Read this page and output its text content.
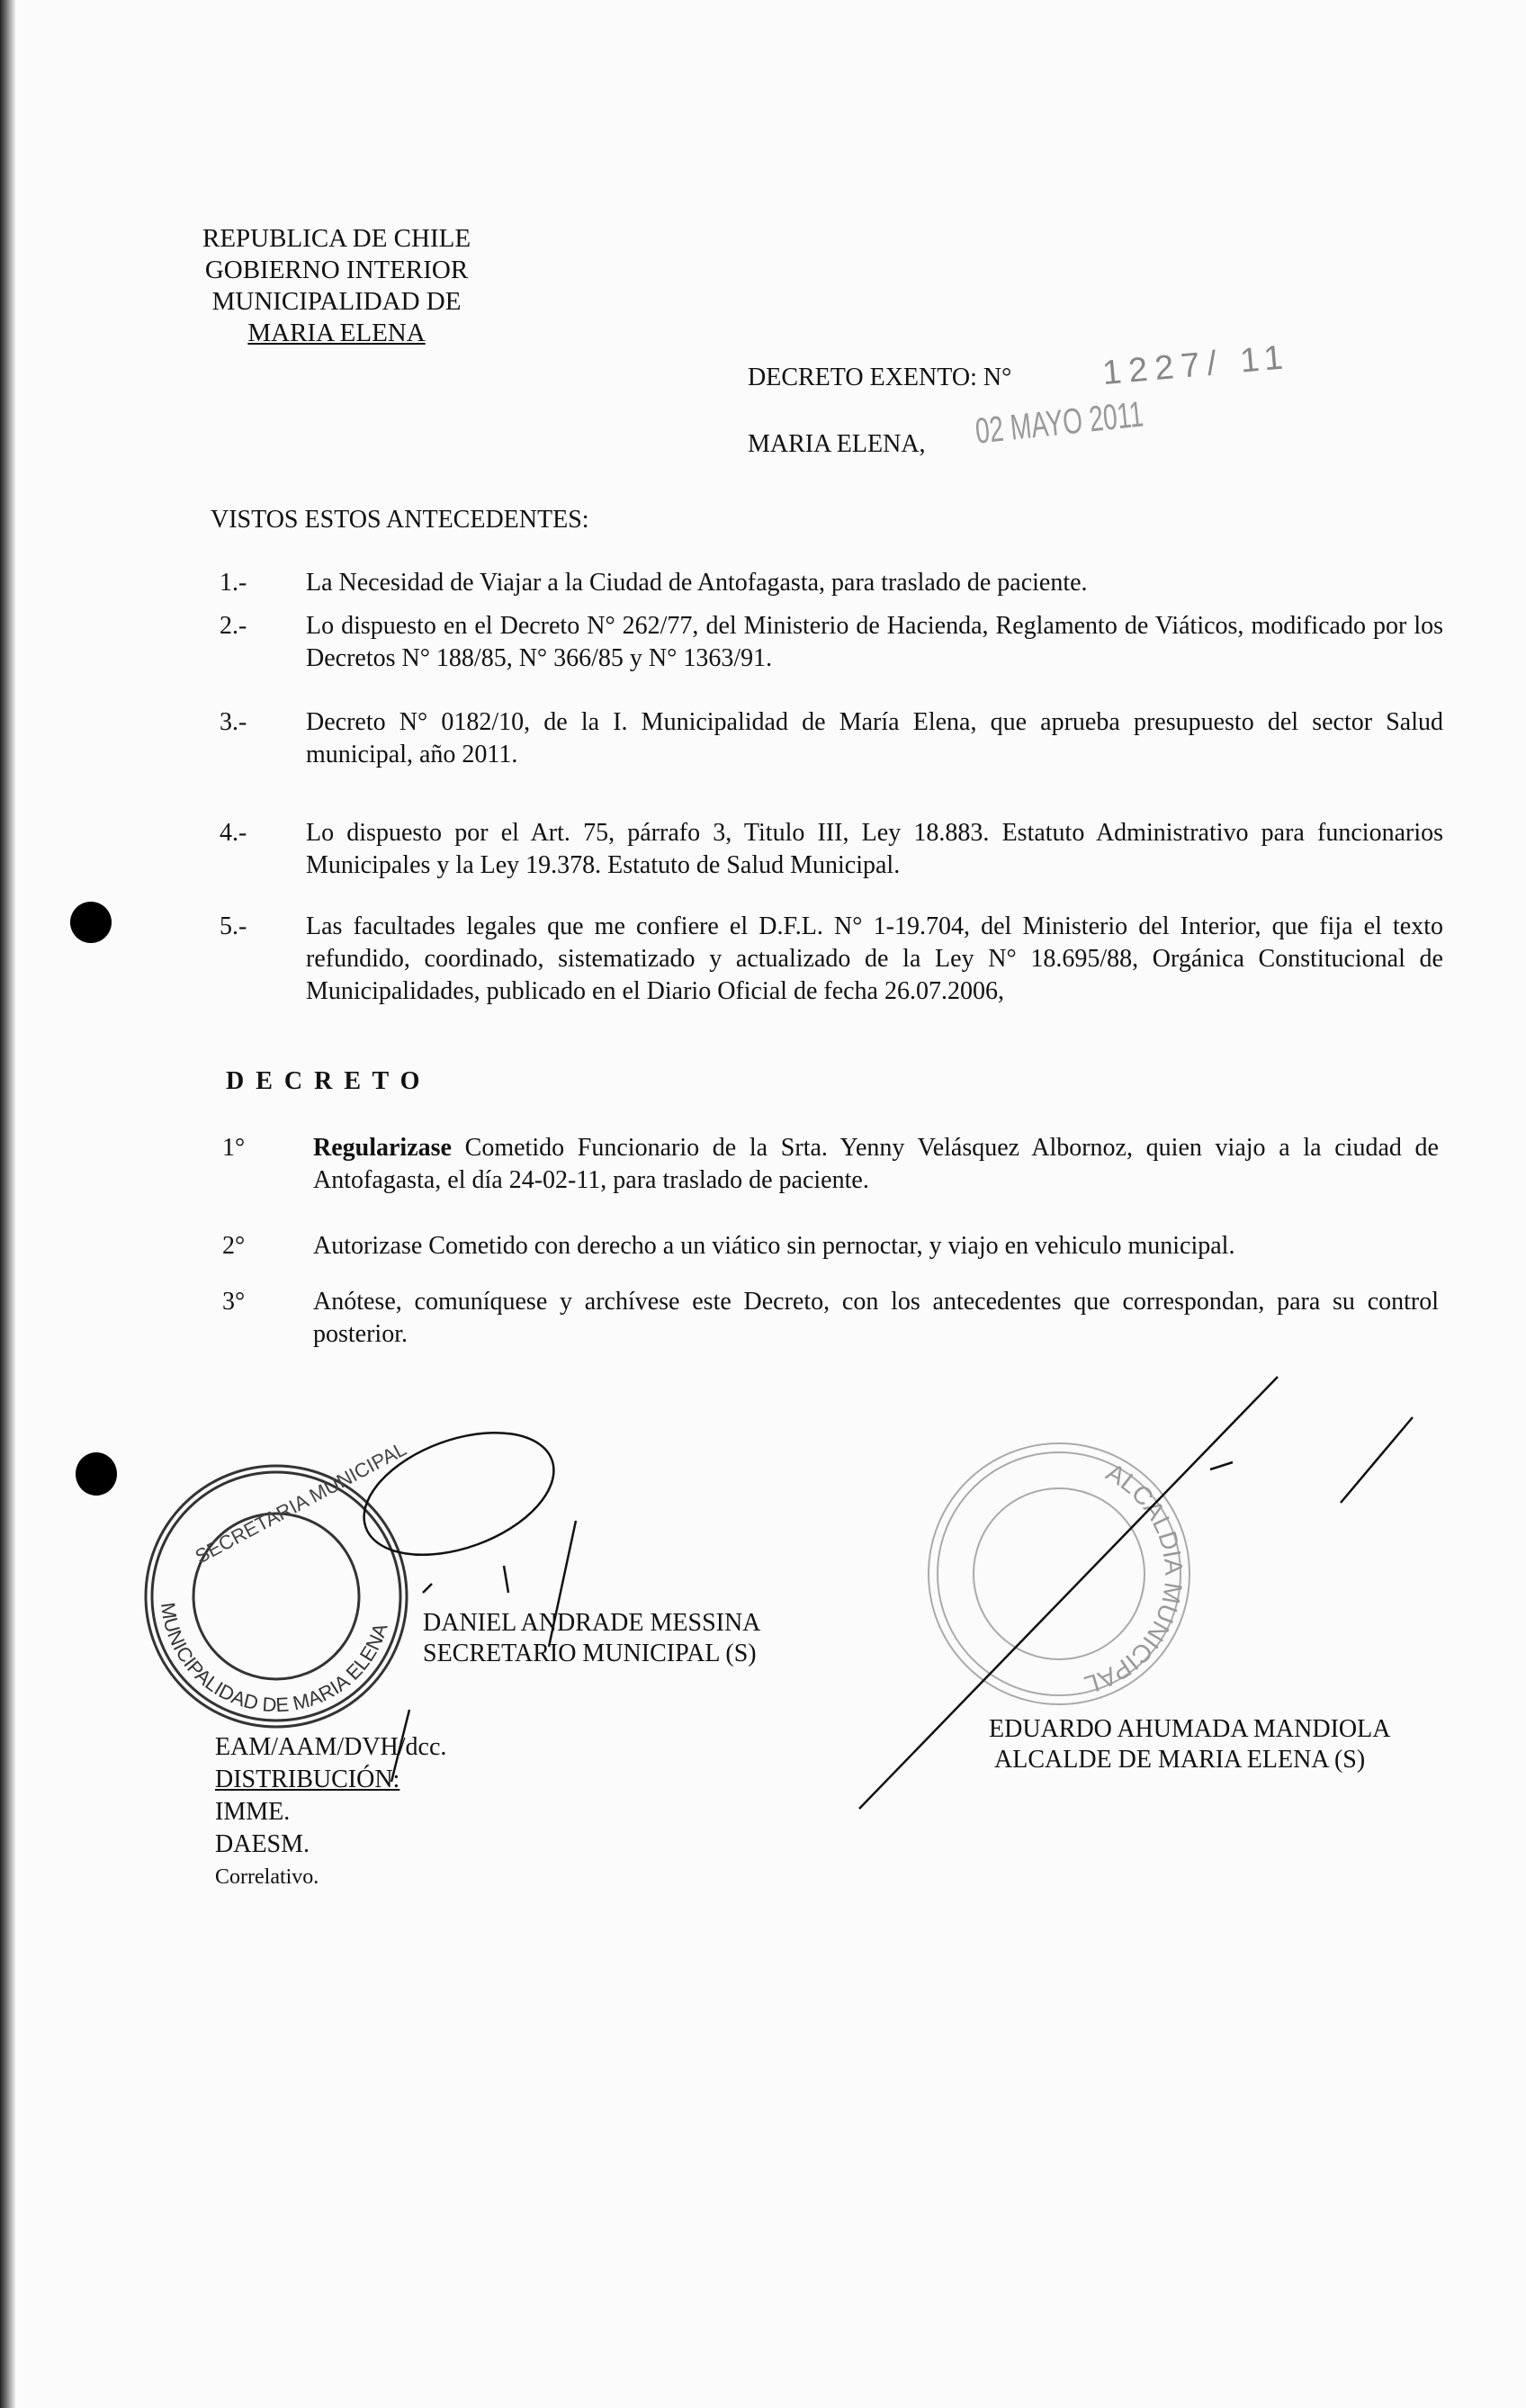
REPUBLICA DE CHILE
GOBIERNO INTERIOR
MUNICIPALIDAD DE
MARIA ELENA
DECRETO EXENTO: N°	1227/ 11
MARIA ELENA, 02 MAYO 2011
VISTOS ESTOS ANTECEDENTES:
1.- La Necesidad de Viajar a la Ciudad de Antofagasta, para traslado de paciente.
2.- Lo dispuesto en el Decreto N° 262/77, del Ministerio de Hacienda, Reglamento de Viáticos, modificado por los Decretos N° 188/85, N° 366/85 y N° 1363/91.
3.- Decreto N° 0182/10, de la I. Municipalidad de María Elena, que aprueba presupuesto del sector Salud municipal, año 2011.
4.- Lo dispuesto por el Art. 75, párrafo 3, Titulo III, Ley 18.883. Estatuto Administrativo para funcionarios Municipales y la Ley 19.378. Estatuto de Salud Municipal.
5.- Las facultades legales que me confiere el D.F.L. N° 1-19.704, del Ministerio del Interior, que fija el texto refundido, coordinado, sistematizado y actualizado de la Ley N° 18.695/88, Orgánica Constitucional de Municipalidades, publicado en el Diario Oficial de fecha 26.07.2006,
D E C R E T O
1°	Regularizase Cometido Funcionario de la Srta. Yenny Velásquez Albornoz, quien viajo a la ciudad de Antofagasta, el día 24-02-11, para traslado de paciente.
2°	Autorizase Cometido con derecho a un viático sin pernoctar, y viajo en vehiculo municipal.
3°	Anótese, comuníquese y archívese este Decreto, con los antecedentes que correspondan, para su control posterior.
MUNICIPALIDAD DE MARIA ELENA
SECRETARIA MUNICIPAL	ALCALDIA MUNICIPAL
DANIEL ANDRADE MESSINA
SECRETARIO MUNICIPAL (S)
EDUARDO AHUMADA MANDIOLA
ALCALDE DE MARIA ELENA (S)
EAM/AAM/DVH/dcc.
DISTRIBUCIÓN:
IMME.
DAESM.
Correlativo.
